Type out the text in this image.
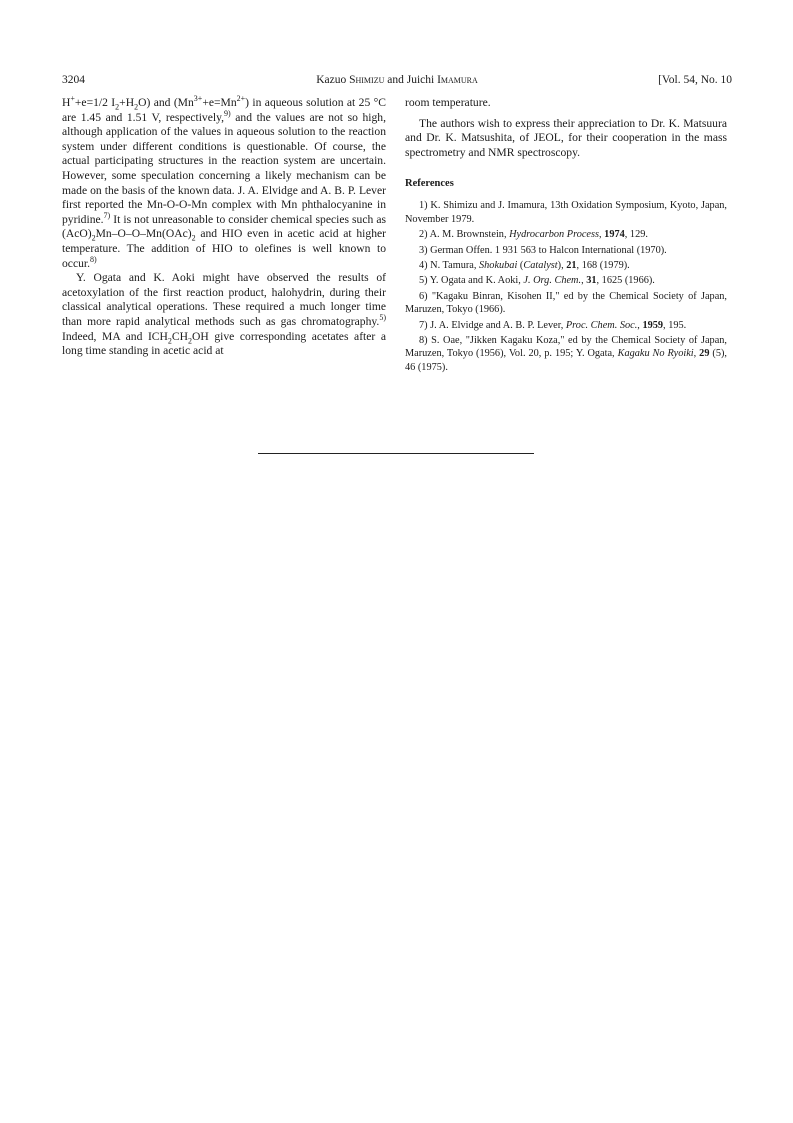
3204	Kazuo Shimizu and Juichi Imamura	[Vol. 54, No. 10

H++e=1/2 $I_2+H_2O$) and $(Mn^{3+}+e=Mn^{2+})$ in aqueous solution at 25 °C are 1.45 and 1.51 V, respectively,$^{9)}$ and the values are not so high, although application of the values in aqueous solution to the reaction system under different conditions is questionable. Of course, the actual participating structures in the reaction system are uncertain. However, some speculation concerning a likely mechanism can be made on the basis of the known data. J. A. Elvidge and A. B. P. Lever first reported the Mn-O-O-Mn complex with Mn phthalocyanine in pyridine.$^{7)}$ It is not unreasonable to consider chemical species such as $(AcO)_2Mn-O-O-Mn(OAc)_2$ and HIO even in acetic acid at higher temperature. The addition of HIO to olefines is well known to occur.$^{8)}$

Y. Ogata and K. Aoki might have observed the results of acetoxylation of the first reaction product, halohydrin, during their classical analytical operations. These required a much longer time than more rapid analytical methods such as gas chromatography.$^{5)}$ Indeed, MA and $ICH_2CH_2OH$ give corresponding acetates after a long time standing in acetic acid at

room temperature.

The authors wish to express their appreciation to Dr. K. Matsuura and Dr. K. Matsushita, of JEOL, for their cooperation in the mass spectrometry and NMR spectroscopy.

References
1) K. Shimizu and J. Imamura, 13th Oxidation Symposium, Kyoto, Japan, November 1979.
2) A. M. Brownstein, Hydrocarbon Process, 1974, 129.
3) German Offen. 1 931 563 to Halcon International (1970).
4) N. Tamura, Shokubai (Catalyst), 21, 168 (1979).
5) Y. Ogata and K. Aoki, J. Org. Chem., 31, 1625 (1966).
6) "Kagaku Binran, Kisohen II," ed by the Chemical Society of Japan, Maruzen, Tokyo (1966).
7) J. A. Elvidge and A. B. P. Lever, Proc. Chem. Soc., 1959, 195.
8) S. Oae, "Jikken Kagaku Koza," ed by the Chemical Society of Japan, Maruzen, Tokyo (1956), Vol. 20, p. 195; Y. Ogata, Kagaku No Ryoiki, 29 (5), 46 (1975).
